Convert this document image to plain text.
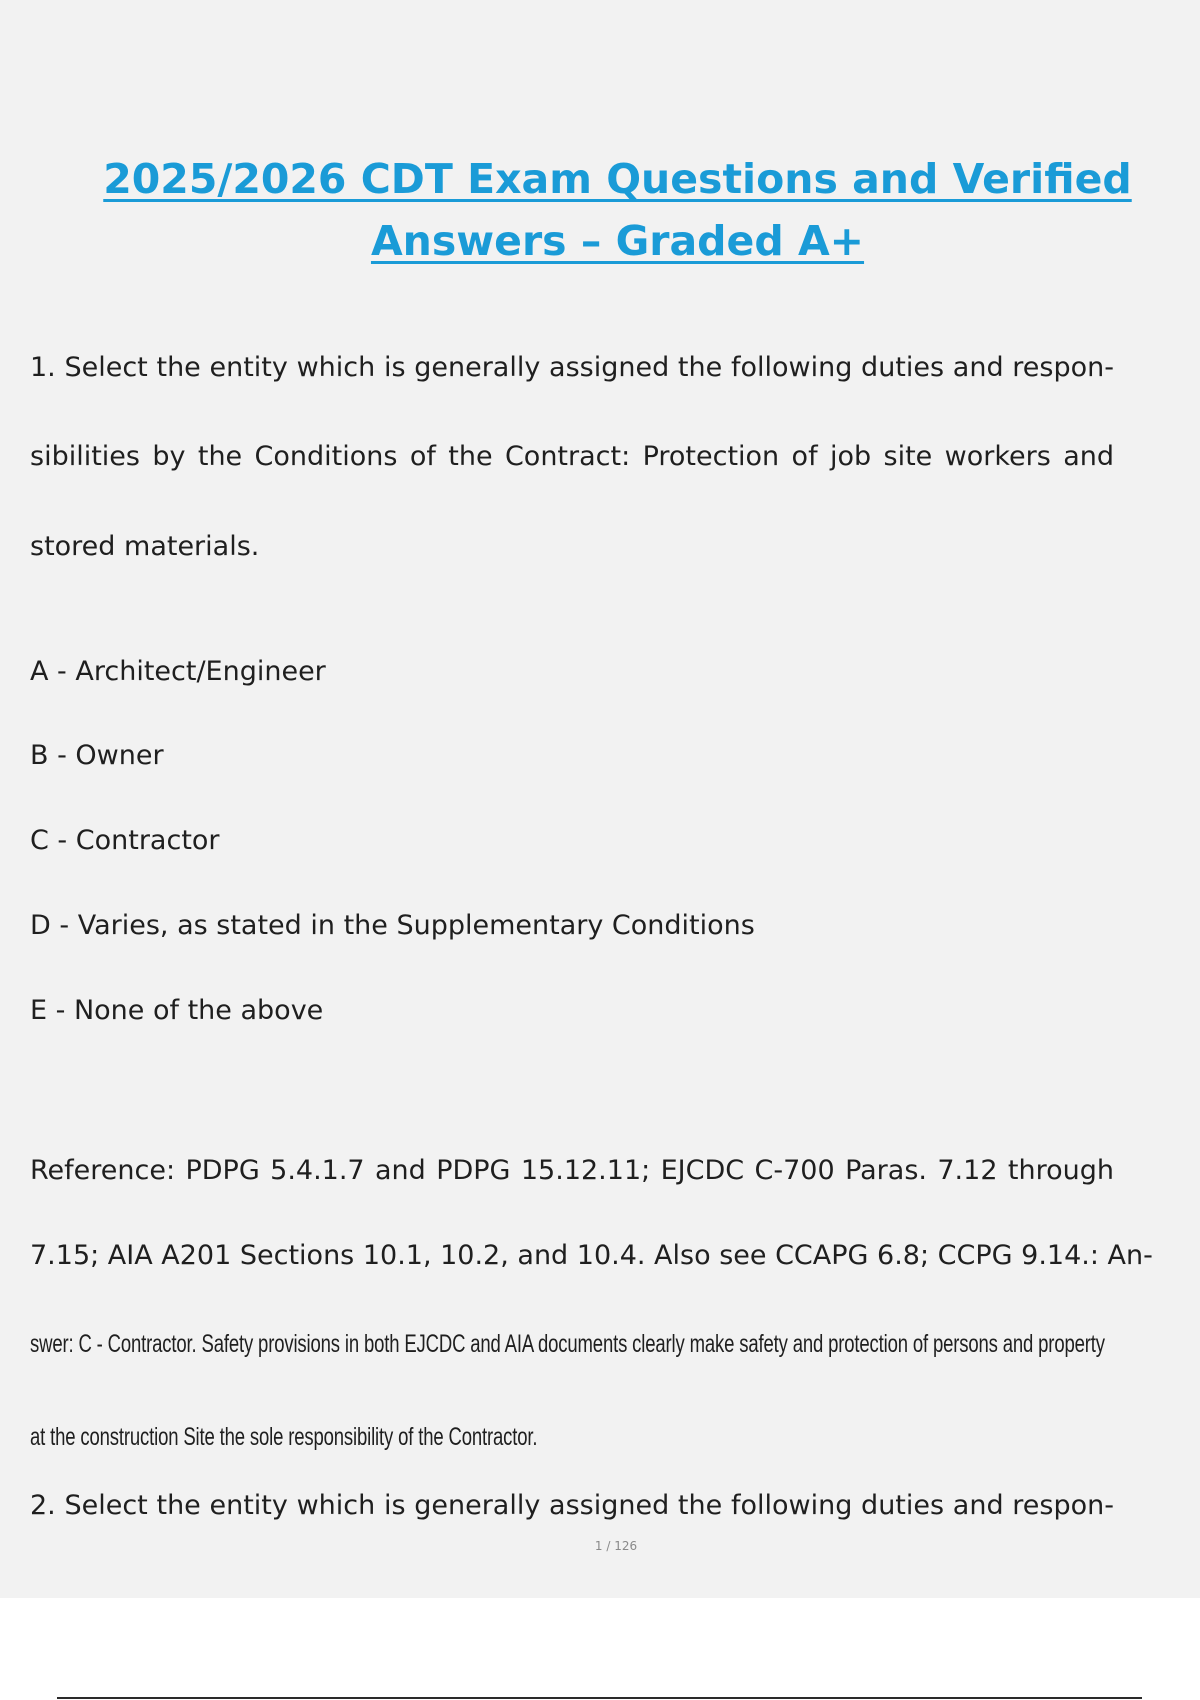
2025/2026 CDT Exam Questions and Verified
Answers – Graded A+
1. Select the entity which is generally assigned the following duties and respon-
sibilities by the Conditions of the Contract: Protection of job site workers and
stored materials.
A - Architect/Engineer
B - Owner
C - Contractor
D - Varies, as stated in the Supplementary Conditions
E - None of the above
Reference: PDPG 5.4.1.7 and PDPG 15.12.11; EJCDC C-700 Paras. 7.12 through
7.15; AIA A201 Sections 10.1, 10.2, and 10.4. Also see CCAPG 6.8; CCPG 9.14.: An-
swer: C - Contractor. Safety provisions in both EJCDC and AIA documents clearly make safety and protection of persons and property
at the construction Site the sole responsibility of the Contractor.
2. Select the entity which is generally assigned the following duties and respon-
1 / 126
